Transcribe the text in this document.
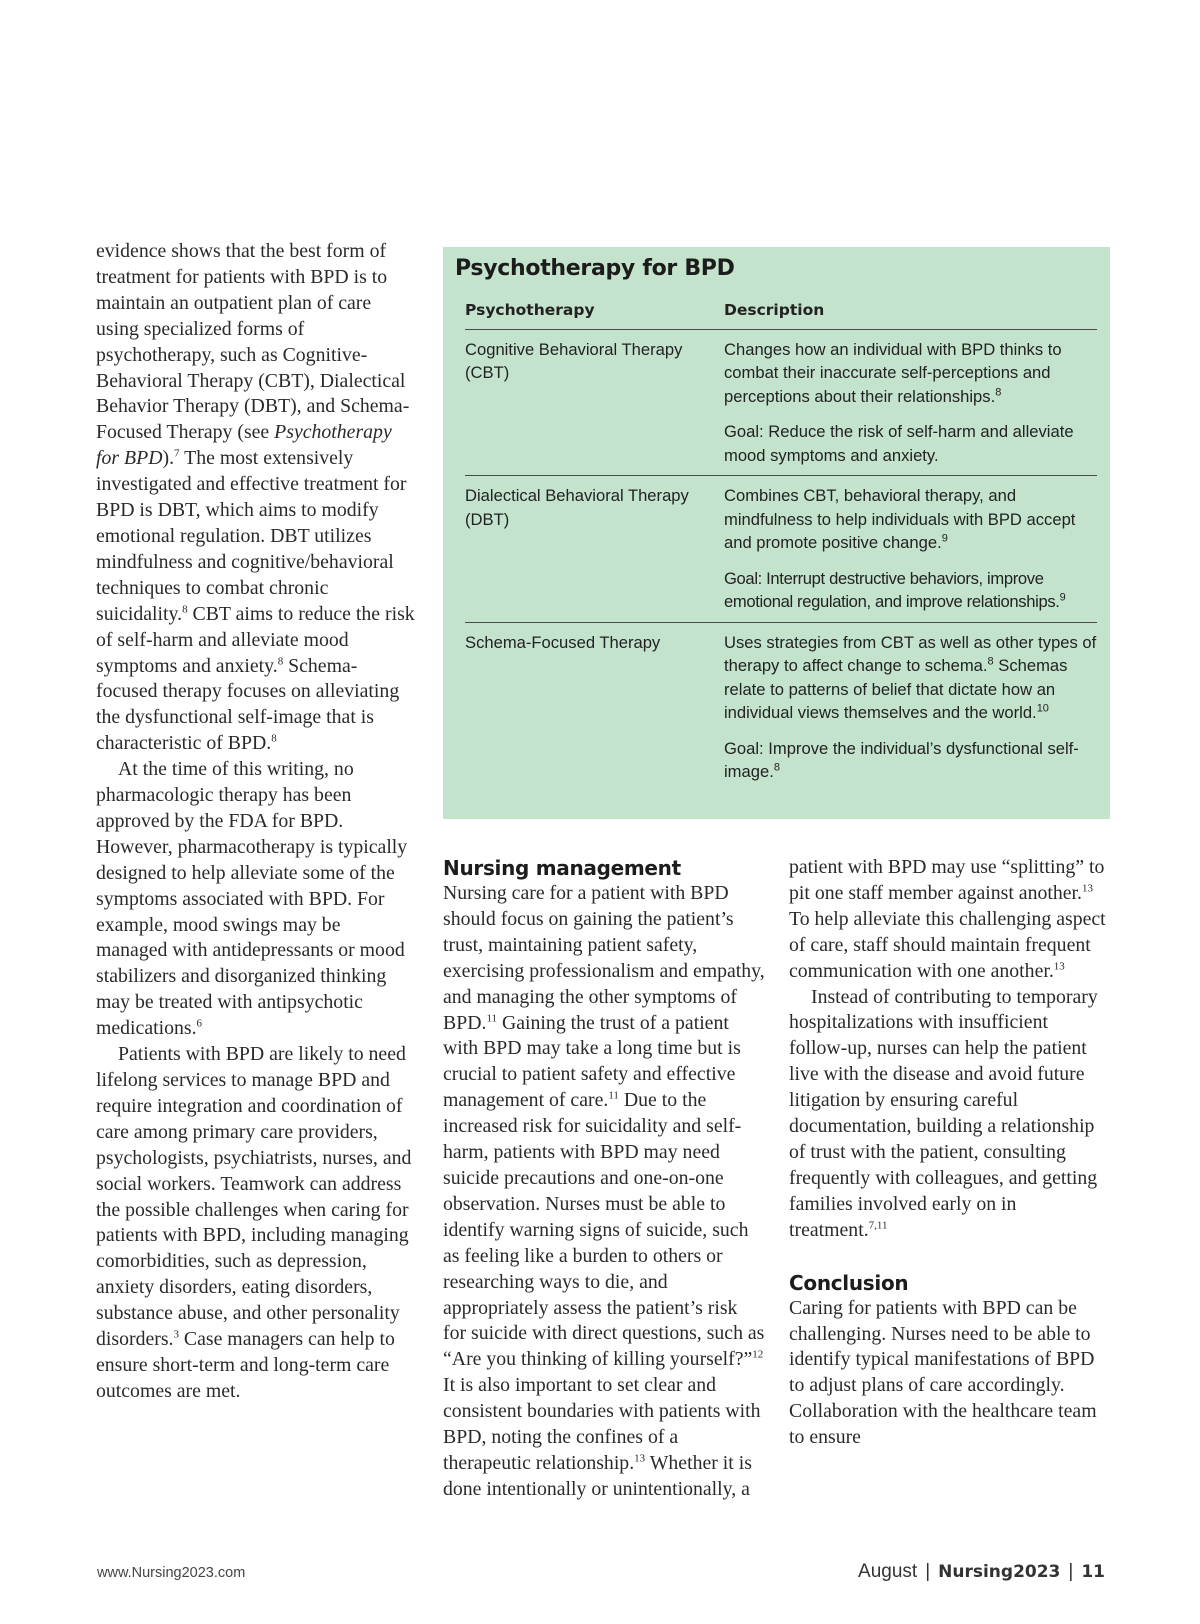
evidence shows that the best form of treatment for patients with BPD is to maintain an outpatient plan of care using specialized forms of psychotherapy, such as Cognitive-Behavioral Therapy (CBT), Dialectical Behavior Therapy (DBT), and Schema-Focused Therapy (see Psychotherapy for BPD).$^7$ The most extensively investigated and effective treatment for BPD is DBT, which aims to modify emotional regulation. DBT utilizes mindfulness and cognitive/behavioral techniques to combat chronic suicidality.$^8$ CBT aims to reduce the risk of self-harm and alleviate mood symptoms and anxiety.$^8$ Schema-focused therapy focuses on alleviating the dysfunctional self-image that is characteristic of BPD.$^8$

At the time of this writing, no pharmacologic therapy has been approved by the FDA for BPD. However, pharmacotherapy is typically designed to help alleviate some of the symptoms associated with BPD. For example, mood swings may be managed with antidepressants or mood stabilizers and disorganized thinking may be treated with antipsychotic medications.$^6$

Patients with BPD are likely to need lifelong services to manage BPD and require integration and coordination of care among primary care providers, psychologists, psychiatrists, nurses, and social workers. Teamwork can address the possible challenges when caring for patients with BPD, including managing comorbidities, such as depression, anxiety disorders, eating disorders, substance abuse, and other personality disorders.$^3$ Case managers can help to ensure short-term and long-term care outcomes are met.

Psychotherapy for BPD
Psychotherapy	Description
Cognitive Behavioral Therapy (CBT)	Changes how an individual with BPD thinks to combat their inaccurate self-perceptions and perceptions about their relationships.$^8$
Goal: Reduce the risk of self-harm and alleviate mood symptoms and anxiety.

Dialectical Behavioral Therapy (DBT)	Combines CBT, behavioral therapy, and mindfulness to help individuals with BPD accept and promote positive change.$^9$
Goal: Interrupt destructive behaviors, improve emotional regulation, and improve relationships.$^9$

Schema-Focused Therapy	Uses strategies from CBT as well as other types of therapy to affect change to schema.$^8$ Schemas relate to patterns of belief that dictate how an individual views themselves and the world.$^{10}$
Goal: Improve the individual’s dysfunctional self-image.$^8$
Nursing management

Nursing care for a patient with BPD should focus on gaining the patient’s trust, maintaining patient safety, exercising professionalism and empathy, and managing the other symptoms of BPD.$^{11}$ Gaining the trust of a patient with BPD may take a long time but is crucial to patient safety and effective management of care.$^{11}$ Due to the increased risk for suicidality and self-harm, patients with BPD may need suicide precautions and one-on-one observation. Nurses must be able to identify warning signs of suicide, such as feeling like a burden to others or researching ways to die, and appropriately assess the patient’s risk for suicide with direct questions, such as “Are you thinking of killing yourself?”$^{12}$ It is also important to set clear and consistent boundaries with patients with BPD, noting the confines of a therapeutic relationship.$^{13}$ Whether it is done intentionally or unintentionally, a patient with BPD may use “splitting” to pit one staff member against another.$^{13}$ To help alleviate this challenging aspect of care, staff should maintain frequent communication with one another.$^{13}$

Instead of contributing to temporary hospitalizations with insufficient follow-up, nurses can help the patient live with the disease and avoid future litigation by ensuring careful documentation, building a relationship of trust with the patient, consulting frequently with colleagues, and getting families involved early on in treatment.$^{7,11}$

Conclusion

Caring for patients with BPD can be challenging. Nurses need to be able to identify typical manifestations of BPD to adjust plans of care accordingly. Collaboration with the healthcare team to ensure

www.Nursing2023.com	August | Nursing2023 | 11
